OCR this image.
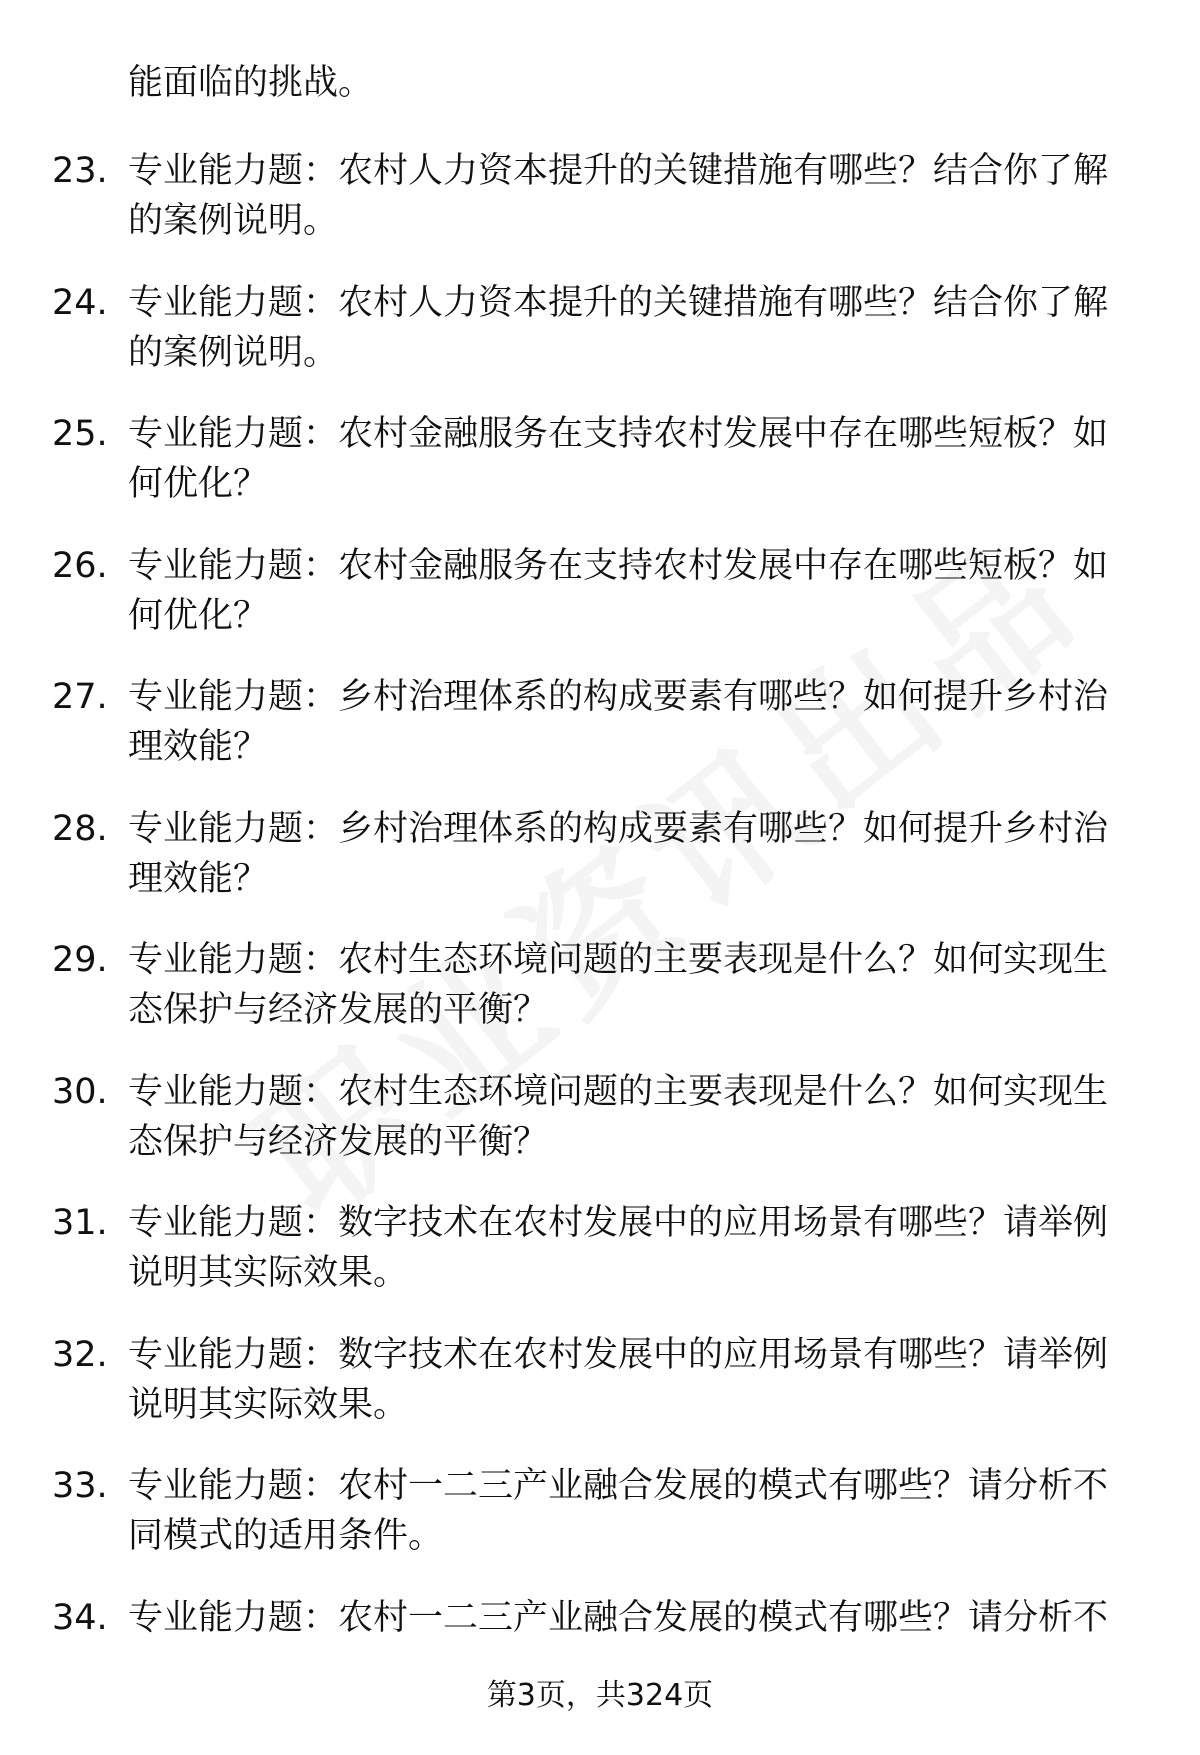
能面临的挑战。
23. 专业能力题：农村人力资本提升的关键措施有哪些？结合你了解的案例说明。
24. 专业能力题：农村人力资本提升的关键措施有哪些？结合你了解的案例说明。
25. 专业能力题：农村金融服务在支持农村发展中存在哪些短板？如何优化？
26. 专业能力题：农村金融服务在支持农村发展中存在哪些短板？如何优化？
27. 专业能力题：乡村治理体系的构成要素有哪些？如何提升乡村治理效能？
28. 专业能力题：乡村治理体系的构成要素有哪些？如何提升乡村治理效能？
29. 专业能力题：农村生态环境问题的主要表现是什么？如何实现生态保护与经济发展的平衡？
30. 专业能力题：农村生态环境问题的主要表现是什么？如何实现生态保护与经济发展的平衡？
31. 专业能力题：数字技术在农村发展中的应用场景有哪些？请举例说明其实际效果。
32. 专业能力题：数字技术在农村发展中的应用场景有哪些？请举例说明其实际效果。
33. 专业能力题：农村一二三产业融合发展的模式有哪些？请分析不同模式的适用条件。
34. 专业能力题：农村一二三产业融合发展的模式有哪些？请分析不
第3页，共324页
